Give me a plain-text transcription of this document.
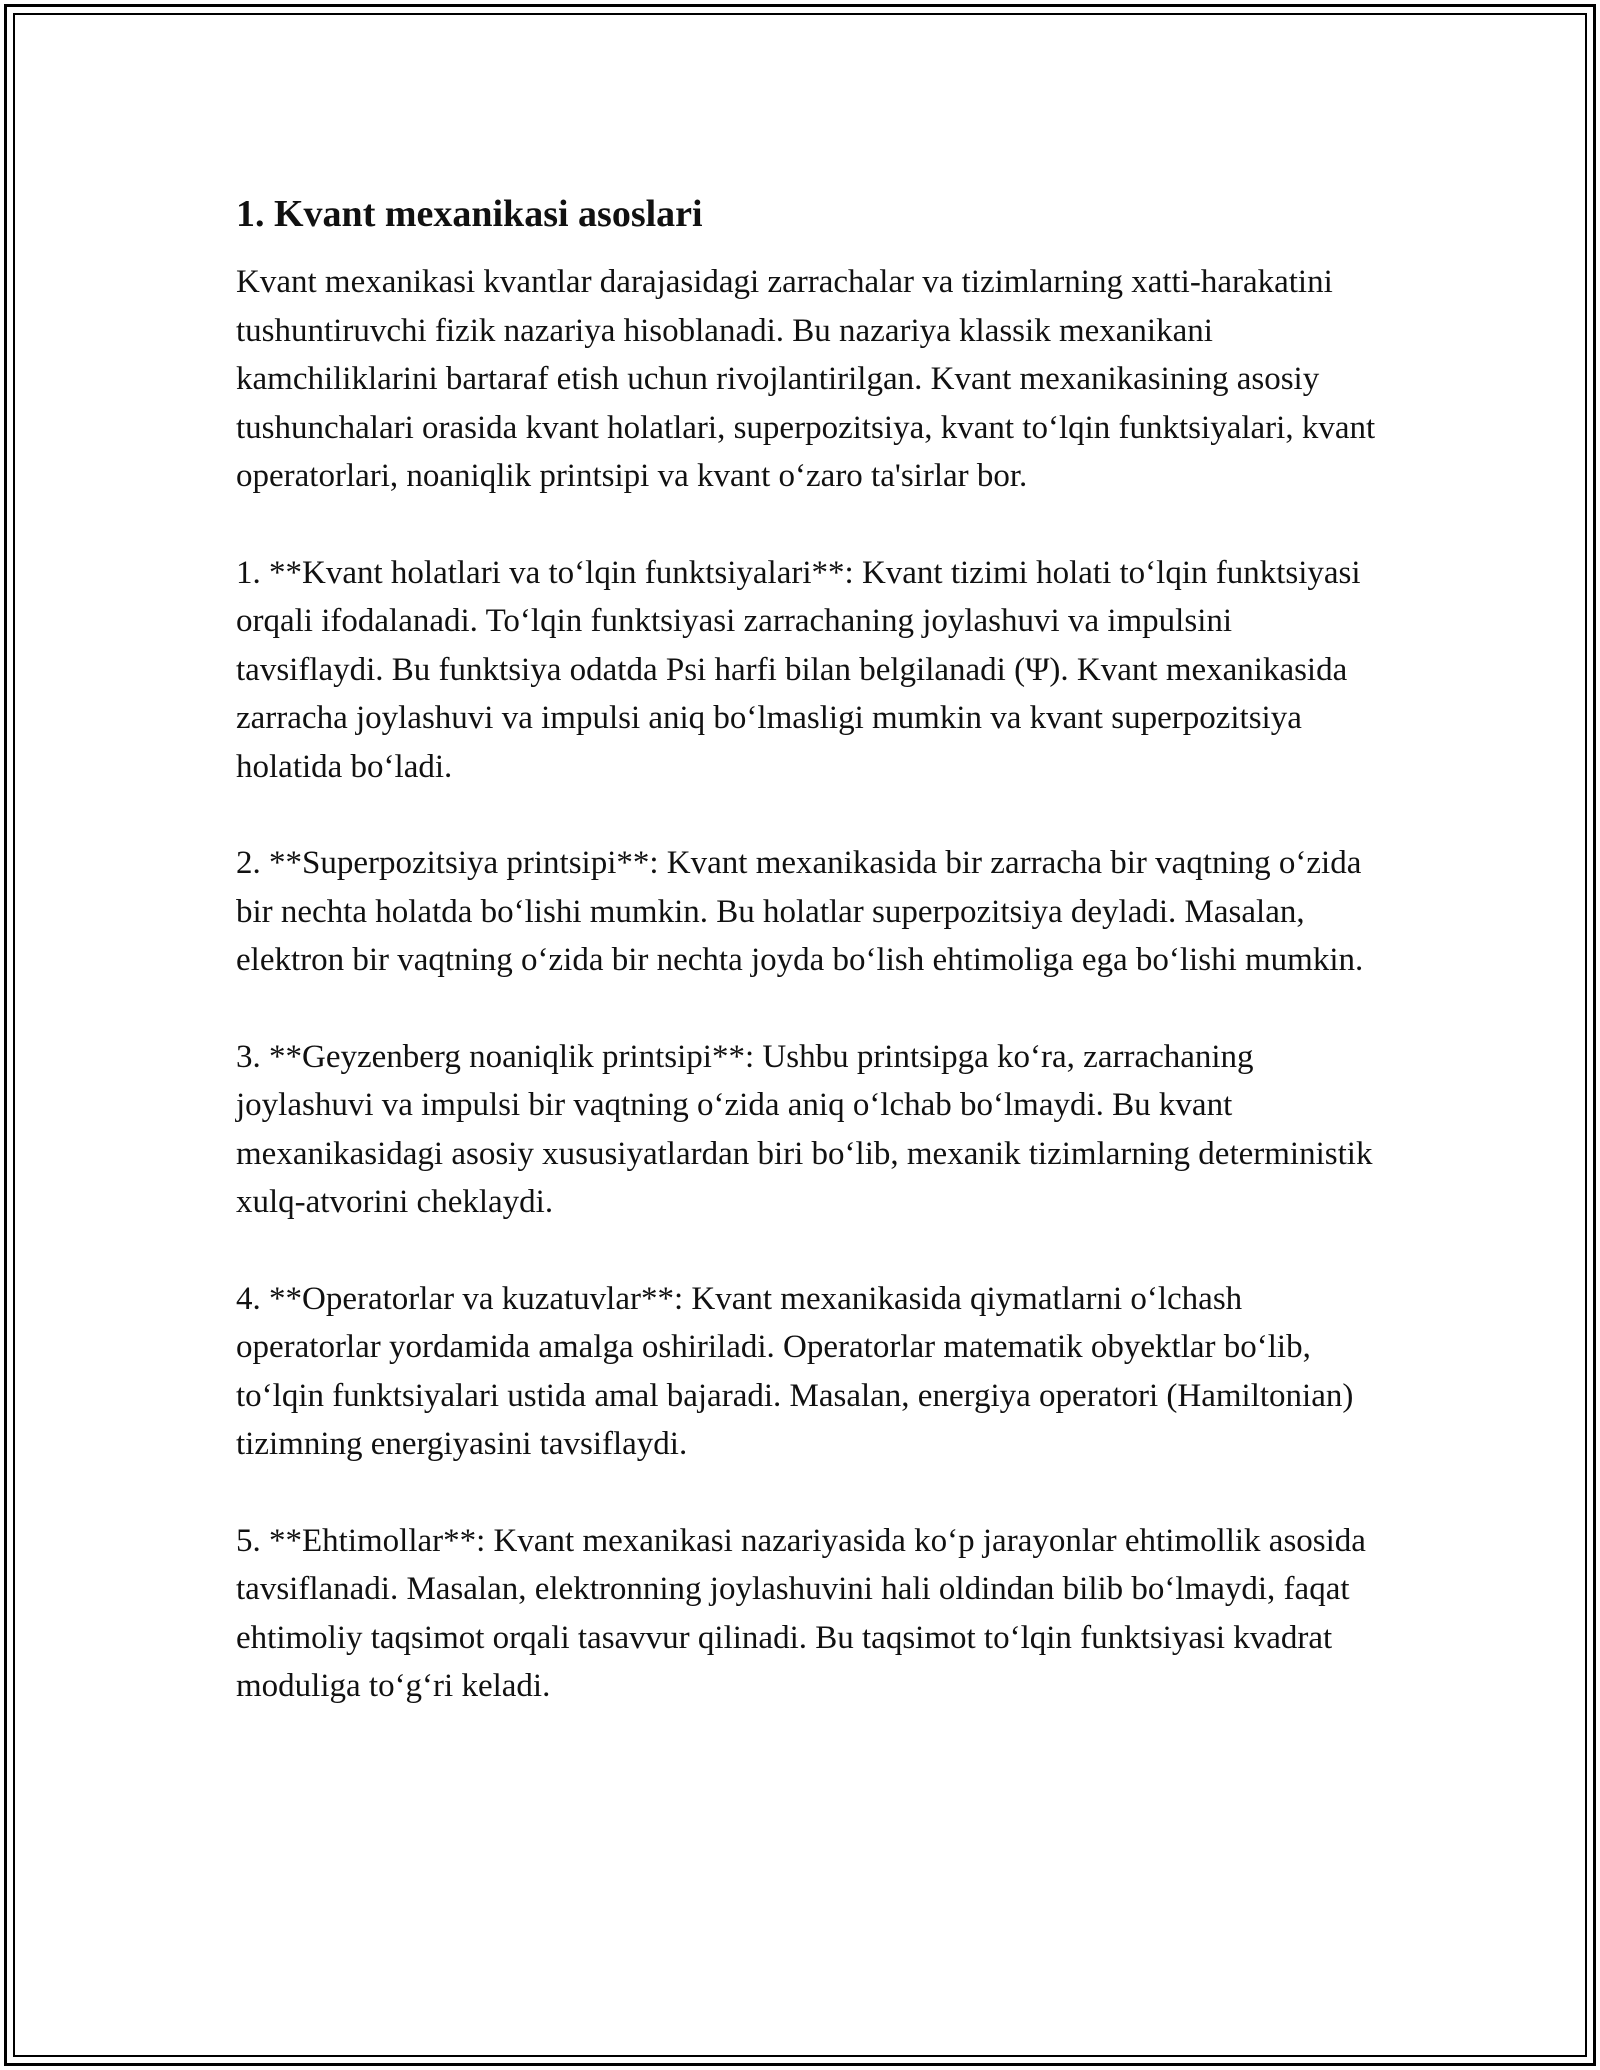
1. Kvant mexanikasi asoslari

Kvant mexanikasi kvantlar darajasidagi zarrachalar va tizimlarning xatti-harakatini tushuntiruvchi fizik nazariya hisoblanadi. Bu nazariya klassik mexanikani kamchiliklarini bartaraf etish uchun rivojlantirilgan. Kvant mexanikasining asosiy tushunchalari orasida kvant holatlari, superpozitsiya, kvant toʻlqin funktsiyalari, kvant operatorlari, noaniqlik printsipi va kvant oʻzaro ta'sirlar bor.

1. **Kvant holatlari va toʻlqin funktsiyalari**: Kvant tizimi holati toʻlqin funktsiyasi orqali ifodalanadi. Toʻlqin funktsiyasi zarrachaning joylashuvi va impulsini tavsiflaydi. Bu funktsiya odatda Psi harfi bilan belgilanadi (Ψ). Kvant mexanikasida zarracha joylashuvi va impulsi aniq boʻlmasligi mumkin va kvant superpozitsiya holatida boʻladi.

2. **Superpozitsiya printsipi**: Kvant mexanikasida bir zarracha bir vaqtning oʻzida bir nechta holatda boʻlishi mumkin. Bu holatlar superpozitsiya deyladi. Masalan, elektron bir vaqtning oʻzida bir nechta joyda boʻlish ehtimoliga ega boʻlishi mumkin.

3. **Geyzenberg noaniqlik printsipi**: Ushbu printsipga koʻra, zarrachaning joylashuvi va impulsi bir vaqtning oʻzida aniq oʻlchab boʻlmaydi. Bu kvant mexanikasidagi asosiy xususiyatlardan biri boʻlib, mexanik tizimlarning deterministik xulq-atvorini cheklaydi.

4. **Operatorlar va kuzatuvlar**: Kvant mexanikasida qiymatlarni oʻlchash operatorlar yordamida amalga oshiriladi. Operatorlar matematik obyektlar boʻlib, toʻlqin funktsiyalari ustida amal bajaradi. Masalan, energiya operatori (Hamiltonian) tizimning energiyasini tavsiflaydi.

5. **Ehtimollar**: Kvant mexanikasi nazariyasida koʻp jarayonlar ehtimollik asosida tavsiflanadi. Masalan, elektronning joylashuvini hali oldindan bilib boʻlmaydi, faqat ehtimoliy taqsimot orqali tasavvur qilinadi. Bu taqsimot toʻlqin funktsiyasi kvadrat moduliga toʻgʻri keladi.
